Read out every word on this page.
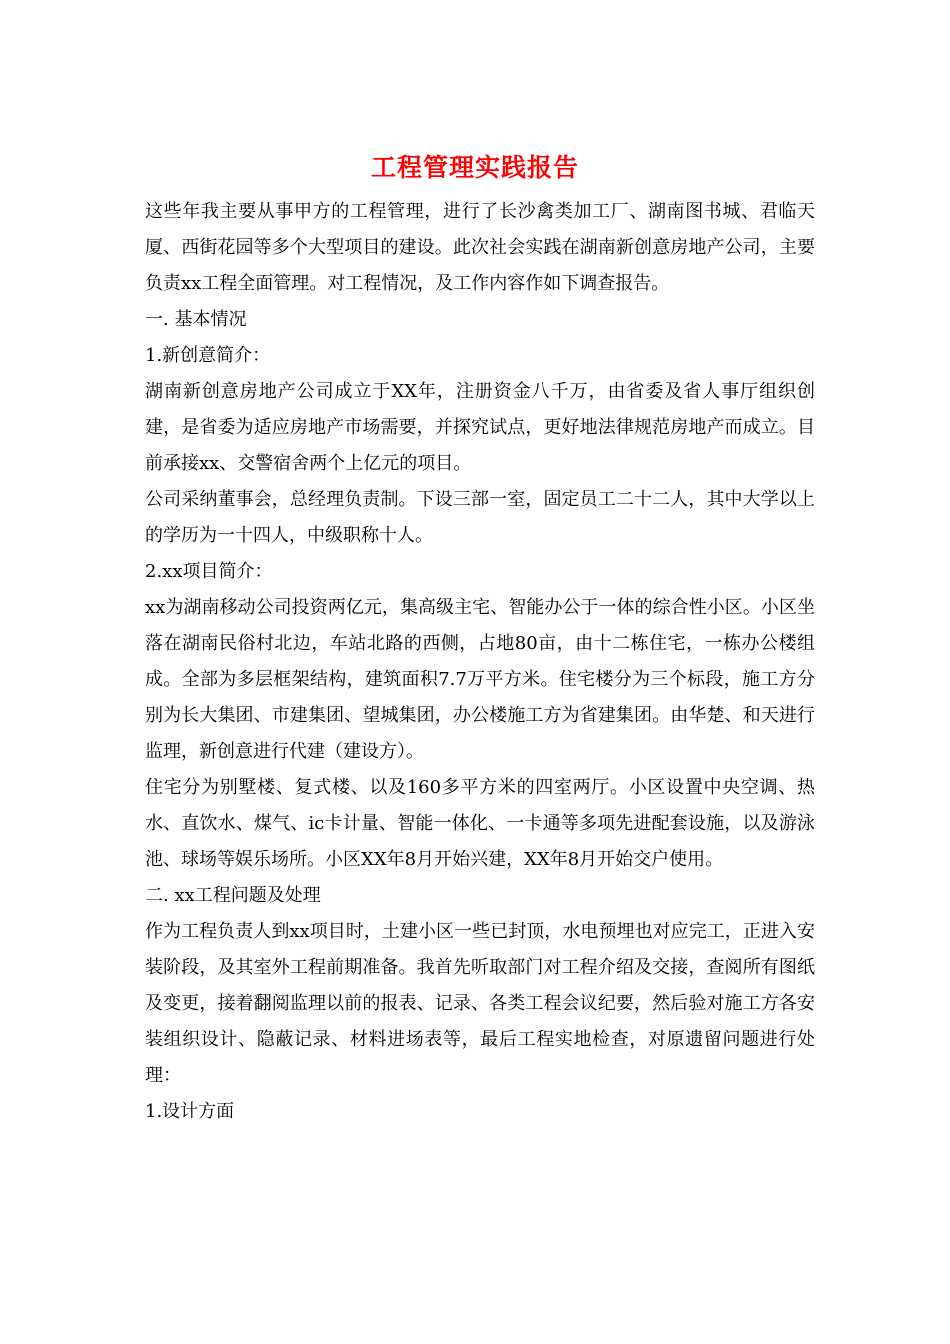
工程管理实践报告

这些年我主要从事甲方的工程管理，进行了长沙禽类加工厂、湖南图书城、君临天厦、西街花园等多个大型项目的建设。此次社会实践在湖南新创意房地产公司，主要负责xx工程全面管理。对工程情况，及工作内容作如下调查报告。

一. 基本情况

1.新创意简介：

湖南新创意房地产公司成立于XX年，注册资金八千万，由省委及省人事厅组织创建，是省委为适应房地产市场需要，并探究试点，更好地法律规范房地产而成立。目前承接xx、交警宿舍两个上亿元的项目。

公司采纳董事会，总经理负责制。下设三部一室，固定员工二十二人，其中大学以上的学历为一十四人，中级职称十人。

2.xx项目简介：

xx为湖南移动公司投资两亿元，集高级主宅、智能办公于一体的综合性小区。小区坐落在湖南民俗村北边，车站北路的西侧，占地80亩，由十二栋住宅，一栋办公楼组成。全部为多层框架结构，建筑面积7.7万平方米。住宅楼分为三个标段，施工方分别为长大集团、市建集团、望城集团，办公楼施工方为省建集团。由华楚、和天进行监理，新创意进行代建（建设方）。

住宅分为别墅楼、复式楼、以及160多平方米的四室两厅。小区设置中央空调、热水、直饮水、煤气、ic卡计量、智能一体化、一卡通等多项先进配套设施，以及游泳池、球场等娱乐场所。小区XX年8月开始兴建，XX年8月开始交户使用。

二. xx工程问题及处理

作为工程负责人到xx项目时，土建小区一些已封顶，水电预埋也对应完工，正进入安装阶段，及其室外工程前期准备。我首先听取部门对工程介绍及交接，查阅所有图纸及变更，接着翻阅监理以前的报表、记录、各类工程会议纪要，然后验对施工方各安装组织设计、隐蔽记录、材料进场表等，最后工程实地检查，对原遗留问题进行处理：

1.设计方面
